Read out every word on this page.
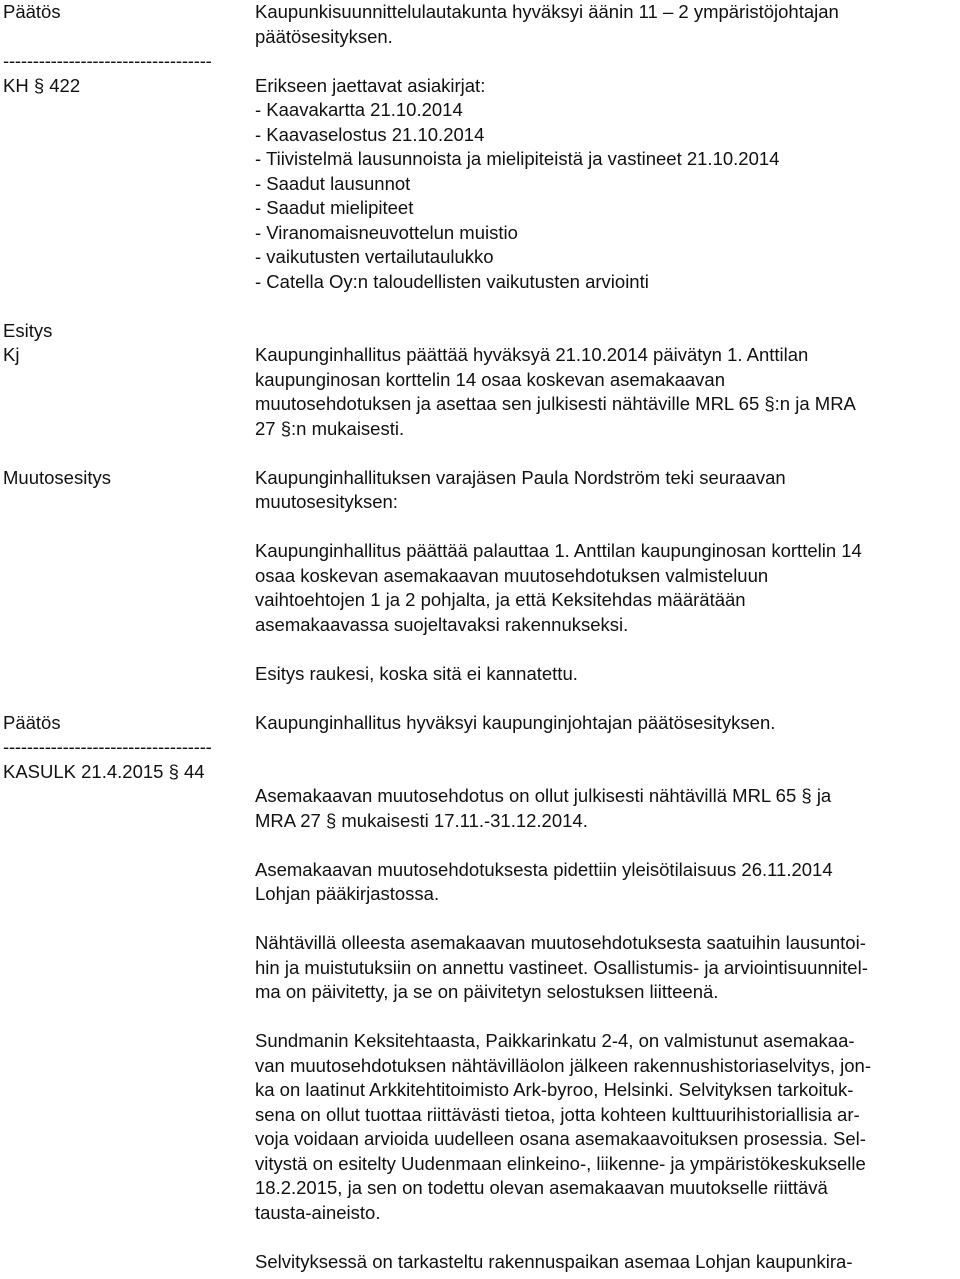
Päätös	Kaupunkisuunnittelulautakunta hyväksyi äänin 11 – 2 ympäristöjohtajan
päätösesityksen.
-----------------------------------
KH § 422	Erikseen jaettavat asiakirjat:
- Kaavakartta 21.10.2014
- Kaavaselostus 21.10.2014
- Tiivistelmä lausunnoista ja mielipiteistä ja vastineet 21.10.2014
- Saadut lausunnot
- Saadut mielipiteet
- Viranomaisneuvottelun muistio
- vaikutusten vertailutaulukko
- Catella Oy:n taloudellisten vaikutusten arviointi
Esitys
Kj	Kaupunginhallitus päättää hyväksyä 21.10.2014 päivätyn 1. Anttilan
kaupunginosan korttelin 14 osaa koskevan asemakaavan
muutosehdotuksen ja asettaa sen julkisesti nähtäville MRL 65 §:n ja MRA
27 §:n mukaisesti.
Muutosesitys	Kaupunginhallituksen varajäsen Paula Nordström teki seuraavan
muutosesityksen:
Kaupunginhallitus päättää palauttaa 1. Anttilan kaupunginosan korttelin 14
osaa koskevan asemakaavan muutosehdotuksen valmisteluun
vaihtoehtojen 1 ja 2 pohjalta, ja että Keksitehdas määrätään
asemakaavassa suojeltavaksi rakennukseksi.
Esitys raukesi, koska sitä ei kannatettu.
Päätös	Kaupunginhallitus hyväksyi kaupunginjohtajan päätösesityksen.
-----------------------------------
KASULK 21.4.2015 § 44
Asemakaavan muutosehdotus on ollut julkisesti nähtävillä MRL 65 § ja
MRA 27 § mukaisesti 17.11.-31.12.2014.
Asemakaavan muutosehdotuksesta pidettiin yleisötilaisuus 26.11.2014
Lohjan pääkirjastossa.
Nähtävillä olleesta asemakaavan muutosehdotuksesta saatuihin lausuntoi-
hin ja muistutuksiin on annettu vastineet. Osallistumis- ja arviointisuunnitel-
ma on päivitetty, ja se on päivitetyn selostuksen liitteenä.
Sundmanin Keksitehtaasta, Paikkarinkatu 2-4, on valmistunut asemakaa-
van muutosehdotuksen nähtävilläolon jälkeen rakennushistoriaselvitys, jon-
ka on laatinut Arkkitehtitoimisto Ark-byroo, Helsinki. Selvityksen tarkoituk-
sena on ollut tuottaa riittävästi tietoa, jotta kohteen kulttuurihistoriallisia ar-
voja voidaan arvioida uudelleen osana asemakaavoituksen prosessia. Sel-
vitystä on esitelty Uudenmaan elinkeino-, liikenne- ja ympäristökeskukselle
18.2.2015, ja sen on todettu olevan asemakaavan muutokselle riittävä
tausta-aineisto.
Selvityksessä on tarkasteltu rakennuspaikan asemaa Lohjan kaupunkira-
